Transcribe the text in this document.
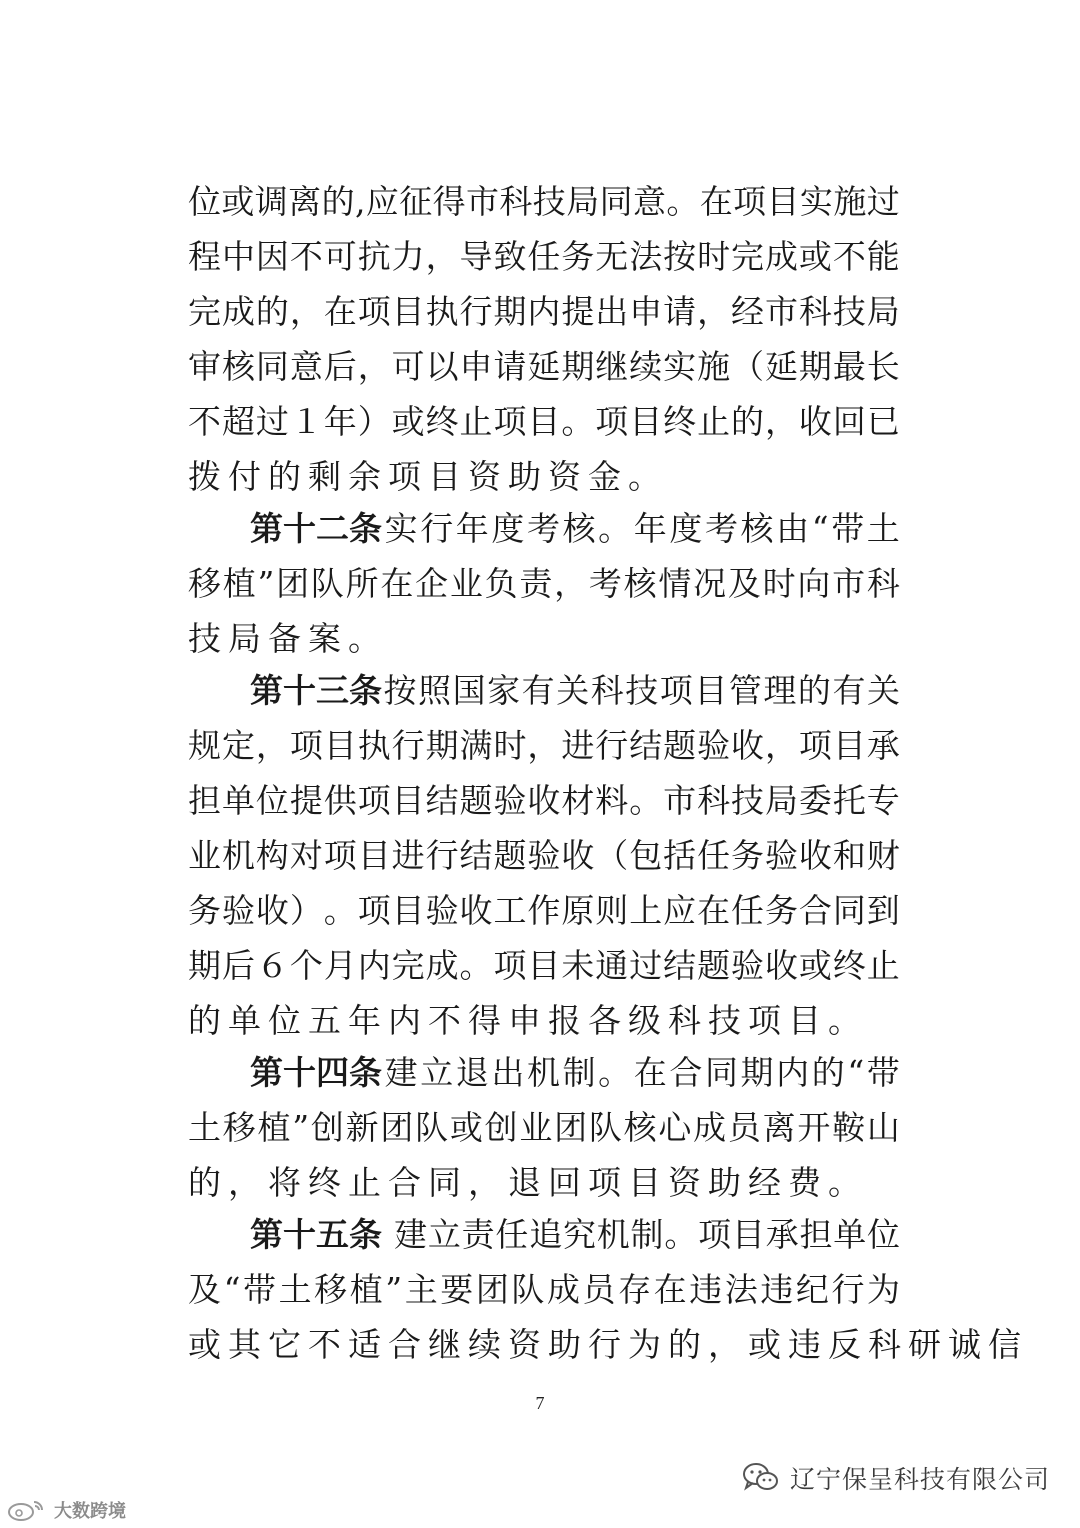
位 或 调 离 的 , 应 征 得 市 科 技 局 同 意 。 在 项 目 实 施 过
程 中 因 不 可 抗 力 ， 导 致 任 务 无 法 按 时 完 成 或 不 能
完 成 的 ， 在 项 目 执 行 期 内 提 出 申 请 ， 经 市 科 技 局
审 核 同 意 后 ， 可 以 申 请 延 期 继 续 实 施 （ 延 期 最 长
不 超 过 １ 年 ） 或 终 止 项 目 。 项 目 终 止 的 ， 收 回 已
拨付的剩余项目资助资金。
第十二条 实 行 年 度 考 核 。 年 度 考 核 由 “ 带 土
移 植 ” 团 队 所 在 企 业 负 责 ， 考 核 情 况 及 时 向 市 科
技局备案。
第十三条 按 照 国 家 有 关 科 技 项 目 管 理 的 有 关
规 定 ， 项 目 执 行 期 满 时 ， 进 行 结 题 验 收 ， 项 目 承
担 单 位 提 供 项 目 结 题 验 收 材 料 。 市 科 技 局 委 托 专
业 机 构 对 项 目 进 行 结 题 验 收 （ 包 括 任 务 验 收 和 财
务 验 收 ） 。 项 目 验 收 工 作 原 则 上 应 在 任 务 合 同 到
期 后 ６ 个 月 内 完 成 。 项 目 未 通 过 结 题 验 收 或 终 止
的单位五年内不得申报各级科技项目。
第十四条 建 立 退 出 机 制 。 在 合 同 期 内 的 “ 带
土 移 植 ” 创 新 团 队 或 创 业 团 队 核 心 成 员 离 开 鞍 山
的，将终止合同，退回项目资助经费。
第十五条
建 立 责 任 追 究 机 制 。 项 目 承 担 单 位
及 “ 带 土 移 植 ” 主 要 团 队 成 员 存 在 违 法 违 纪 行 为
或其它不适合继续资助行为的，或违反科研诚信
7
辽宁保呈科技有限公司
大数跨境
